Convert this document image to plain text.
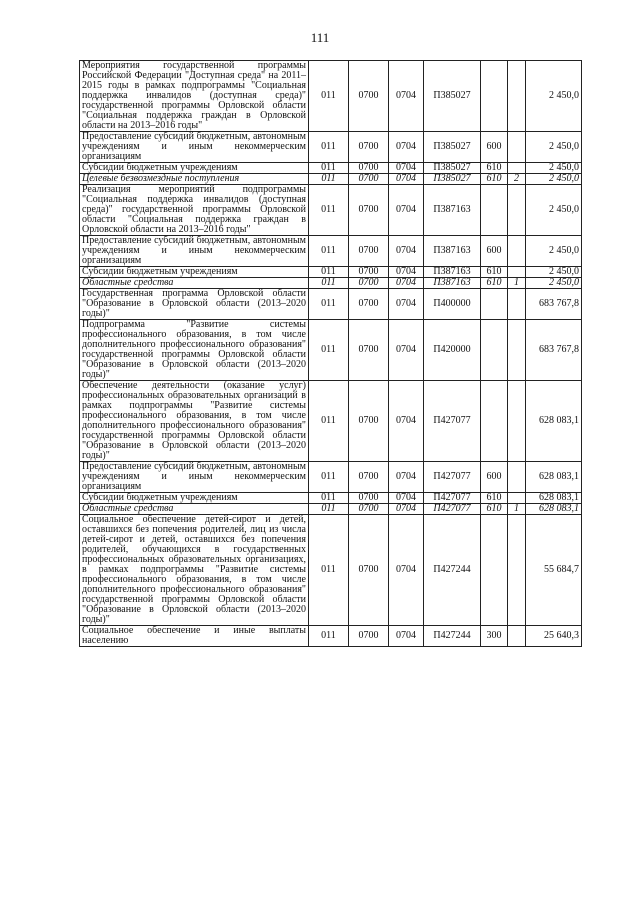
111
Мероприятия государственной программы Российской Федерации "Доступная среда" на 2011–2015 годы в рамках подпрограммы "Социальная поддержка инвалидов (доступная среда)" государственной программы Орловской области "Социальная поддержка граждан в Орловской области на 2013–2016 годы"	011	0700	0704	П385027			2 450,0
Предоставление субсидий бюджетным, автономным учреждениям и иным некоммерческим организациям	011	0700	0704	П385027	600		2 450,0
Субсидии бюджетным учреждениям	011	0700	0704	П385027	610		2 450,0
Целевые безвозмездные поступления	011	0700	0704	П385027	610	2	2 450,0
Реализация мероприятий подпрограммы "Социальная поддержка инвалидов (доступная среда)" государственной программы Орловской области "Социальная поддержка граждан в Орловской области на 2013–2016 годы"	011	0700	0704	П387163			2 450,0
Предоставление субсидий бюджетным, автономным учреждениям и иным некоммерческим организациям	011	0700	0704	П387163	600		2 450,0
Субсидии бюджетным учреждениям	011	0700	0704	П387163	610		2 450,0
Областные средства	011	0700	0704	П387163	610	1	2 450,0
Государственная программа Орловской области "Образование в Орловской области (2013–2020 годы)"	011	0700	0704	П400000			683 767,8
Подпрограмма "Развитие системы профессионального образования, в том числе дополнительного профессионального образования" государственной программы Орловской области "Образование в Орловской области (2013–2020 годы)"	011	0700	0704	П420000			683 767,8
Обеспечение деятельности (оказание услуг) профессиональных образовательных организаций в рамках подпрограммы "Развитие системы профессионального образования, в том числе дополнительного профессионального образования" государственной программы Орловской области "Образование в Орловской области (2013–2020 годы)"	011	0700	0704	П427077			628 083,1
Предоставление субсидий бюджетным, автономным учреждениям и иным некоммерческим организациям	011	0700	0704	П427077	600		628 083,1
Субсидии бюджетным учреждениям	011	0700	0704	П427077	610		628 083,1
Областные средства	011	0700	0704	П427077	610	1	628 083,1
Социальное обеспечение детей-сирот и детей, оставшихся без попечения родителей, лиц из числа детей-сирот и детей, оставшихся без попечения родителей, обучающихся в государственных профессиональных образовательных организациях, в рамках подпрограммы "Развитие системы профессионального образования, в том числе дополнительного профессионального образования" государственной программы Орловской области "Образование в Орловской области (2013–2020 годы)"	011	0700	0704	П427244			55 684,7
Социальное обеспечение и иные выплаты населению	011	0700	0704	П427244	300		25 640,3
